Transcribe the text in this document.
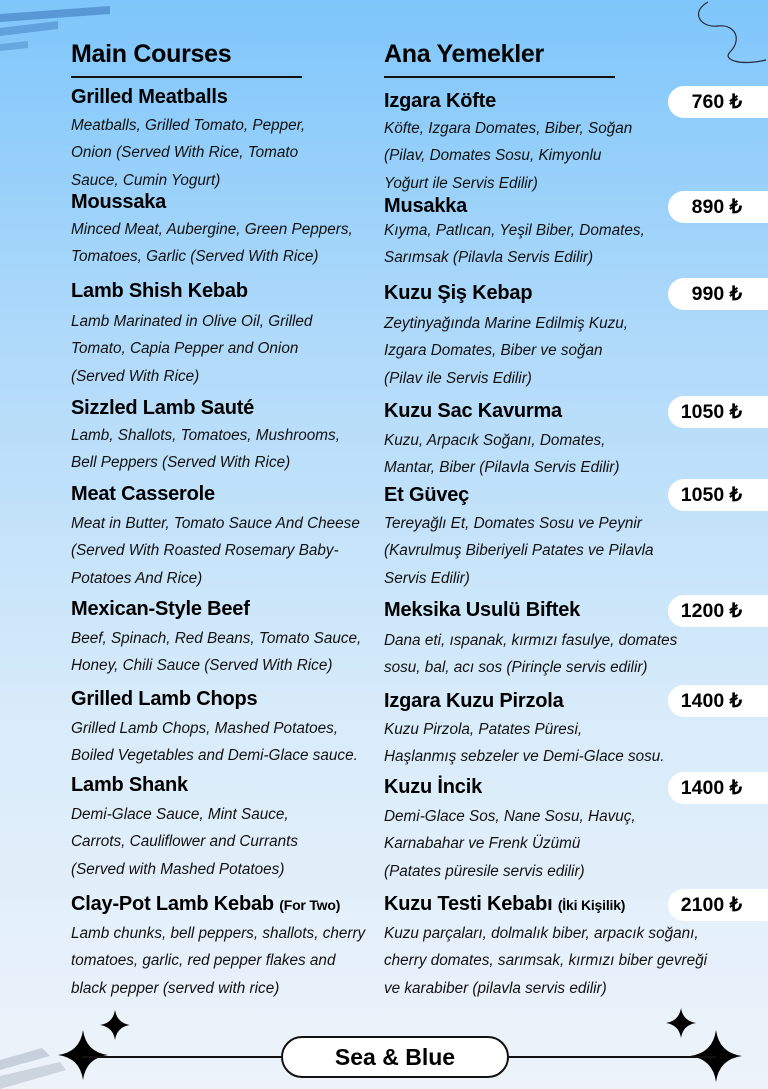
Main Courses	Ana Yemekler
Grilled Meatballs
Meatballs, Grilled Tomato, Pepper,
Onion (Served With Rice, Tomato
Sauce, Cumin Yogurt)
Izgara Köfte
Köfte, Izgara Domates, Biber, Soğan
(Pilav, Domates Sosu, Kimyonlu
Yoğurt ile Servis Edilir)
760 ₺
Moussaka
Minced Meat, Aubergine, Green Peppers,
Tomatoes, Garlic (Served With Rice)
Musakka
Kıyma, Patlıcan, Yeşil Biber, Domates,
Sarımsak (Pilavla Servis Edilir)
890 ₺
Lamb Shish Kebab
Lamb Marinated in Olive Oil, Grilled
Tomato, Capia Pepper and Onion
(Served With Rice)
Kuzu Şiş Kebap
Zeytinyağında Marine Edilmiş Kuzu,
Izgara Domates, Biber ve soğan
(Pilav ile Servis Edilir)
990 ₺
Sizzled Lamb Sauté
Lamb, Shallots, Tomatoes, Mushrooms,
Bell Peppers (Served With Rice)
Kuzu Sac Kavurma
Kuzu, Arpacık Soğanı, Domates,
Mantar, Biber (Pilavla Servis Edilir)
1050 ₺
Meat Casserole
Meat in Butter, Tomato Sauce And Cheese
(Served With Roasted Rosemary Baby-
Potatoes And Rice)
Et Güveç
Tereyağlı Et, Domates Sosu ve Peynir
(Kavrulmuş Biberiyeli Patates ve Pilavla
Servis Edilir)
1050 ₺
Mexican-Style Beef
Beef, Spinach, Red Beans, Tomato Sauce,
Honey, Chili Sauce (Served With Rice)
Meksika Usulü Biftek
Dana eti, ıspanak, kırmızı fasulye, domates
sosu, bal, acı sos (Pirinçle servis edilir)
1200 ₺
Grilled Lamb Chops
Grilled Lamb Chops, Mashed Potatoes,
Boiled Vegetables and Demi-Glace sauce.
Izgara Kuzu Pirzola
Kuzu Pirzola, Patates Püresi,
Haşlanmış sebzeler ve Demi-Glace sosu.
1400 ₺
Lamb Shank
Demi-Glace Sauce, Mint Sauce,
Carrots, Cauliflower and Currants
(Served with Mashed Potatoes)
Kuzu İncik
Demi-Glace Sos, Nane Sosu, Havuç,
Karnabahar ve Frenk Üzümü
(Patates püresile servis edilir)
1400 ₺
Clay-Pot Lamb Kebab (For Two)
Lamb chunks, bell peppers, shallots, cherry
tomatoes, garlic, red pepper flakes and
black pepper (served with rice)
Kuzu Testi Kebabı (İki Kişilik)
Kuzu parçaları, dolmalık biber, arpacık soğanı,
cherry domates, sarımsak, kırmızı biber gevreği
ve karabiber (pilavla servis edilir)
2100 ₺
Sea & Blue
